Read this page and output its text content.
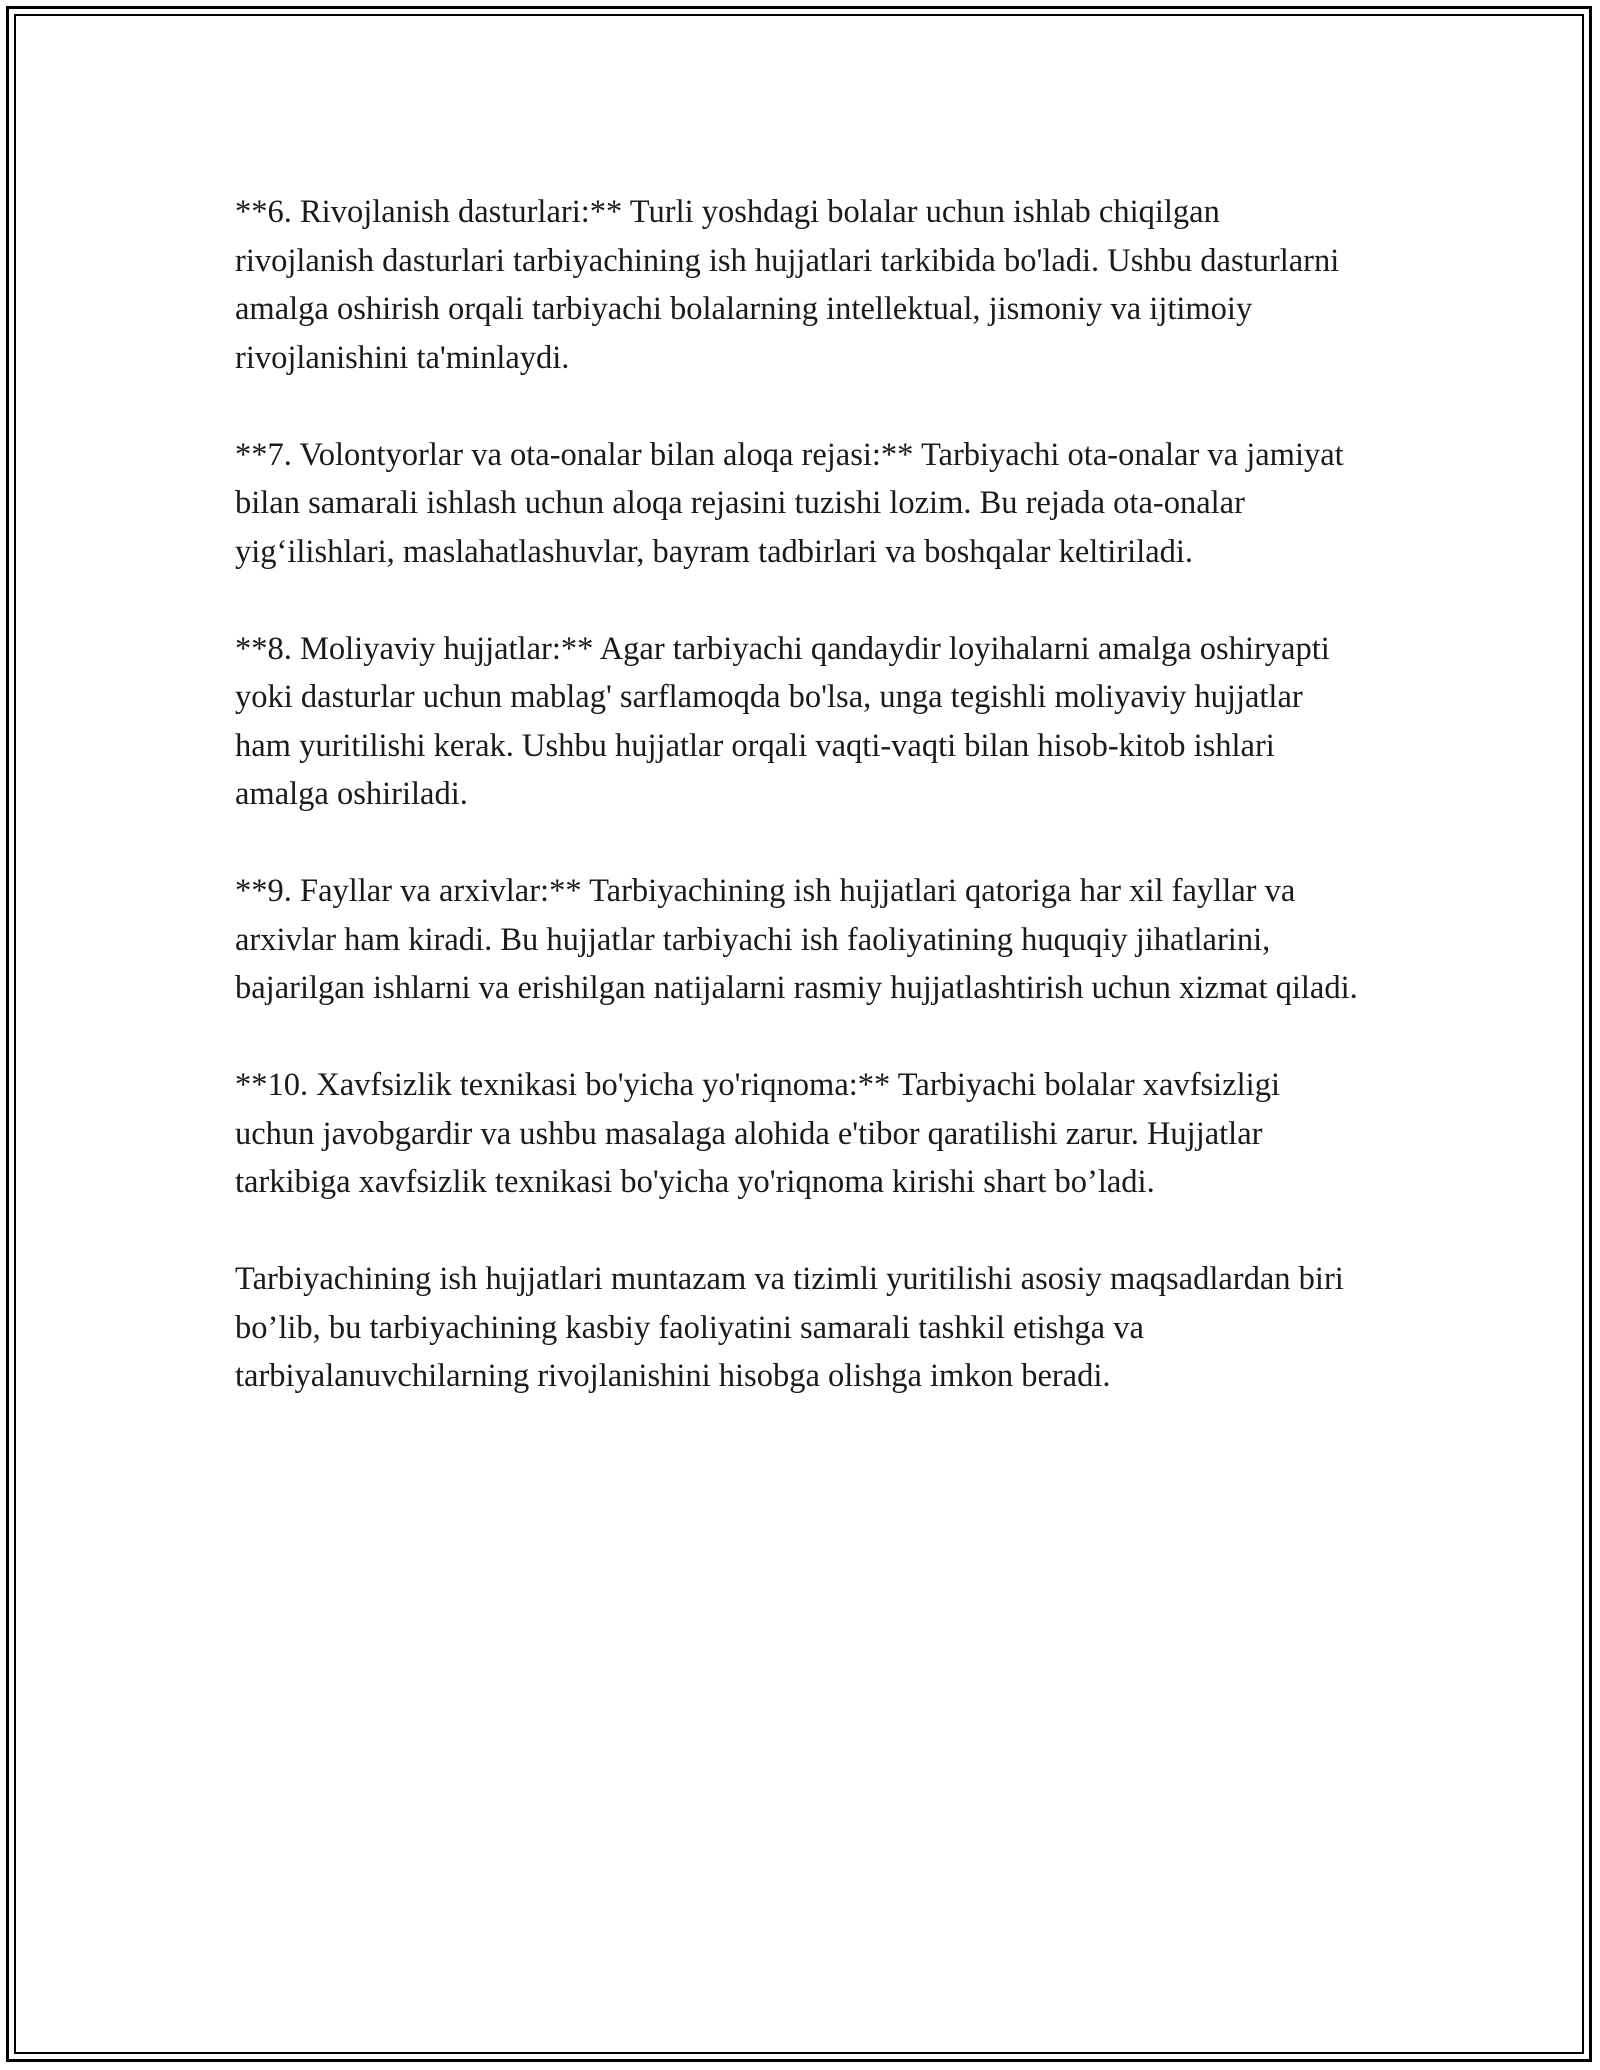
**6. Rivojlanish dasturlari:** Turli yoshdagi bolalar uchun ishlab chiqilgan rivojlanish dasturlari tarbiyachining ish hujjatlari tarkibida bo'ladi. Ushbu dasturlarni amalga oshirish orqali tarbiyachi bolalarning intellektual, jismoniy va ijtimoiy rivojlanishini ta'minlaydi.

**7. Volontyorlar va ota-onalar bilan aloqa rejasi:** Tarbiyachi ota-onalar va jamiyat bilan samarali ishlash uchun aloqa rejasini tuzishi lozim. Bu rejada ota-onalar yig‘ilishlari, maslahatlashuvlar, bayram tadbirlari va boshqalar keltiriladi.

**8. Moliyaviy hujjatlar:** Agar tarbiyachi qandaydir loyihalarni amalga oshiryapti yoki dasturlar uchun mablag' sarflamoqda bo'lsa, unga tegishli moliyaviy hujjatlar ham yuritilishi kerak. Ushbu hujjatlar orqali vaqti-vaqti bilan hisob-kitob ishlari amalga oshiriladi.

**9. Fayllar va arxivlar:** Tarbiyachining ish hujjatlari qatoriga har xil fayllar va arxivlar ham kiradi. Bu hujjatlar tarbiyachi ish faoliyatining huquqiy jihatlarini, bajarilgan ishlarni va erishilgan natijalarni rasmiy hujjatlashtirish uchun xizmat qiladi.

**10. Xavfsizlik texnikasi bo'yicha yo'riqnoma:** Tarbiyachi bolalar xavfsizligi uchun javobgardir va ushbu masalaga alohida e'tibor qaratilishi zarur. Hujjatlar tarkibiga xavfsizlik texnikasi bo'yicha yo'riqnoma kirishi shart bo’ladi.

Tarbiyachining ish hujjatlari muntazam va tizimli yuritilishi asosiy maqsadlardan biri bo’lib, bu tarbiyachining kasbiy faoliyatini samarali tashkil etishga va tarbiyalanuvchilarning rivojlanishini hisobga olishga imkon beradi.
